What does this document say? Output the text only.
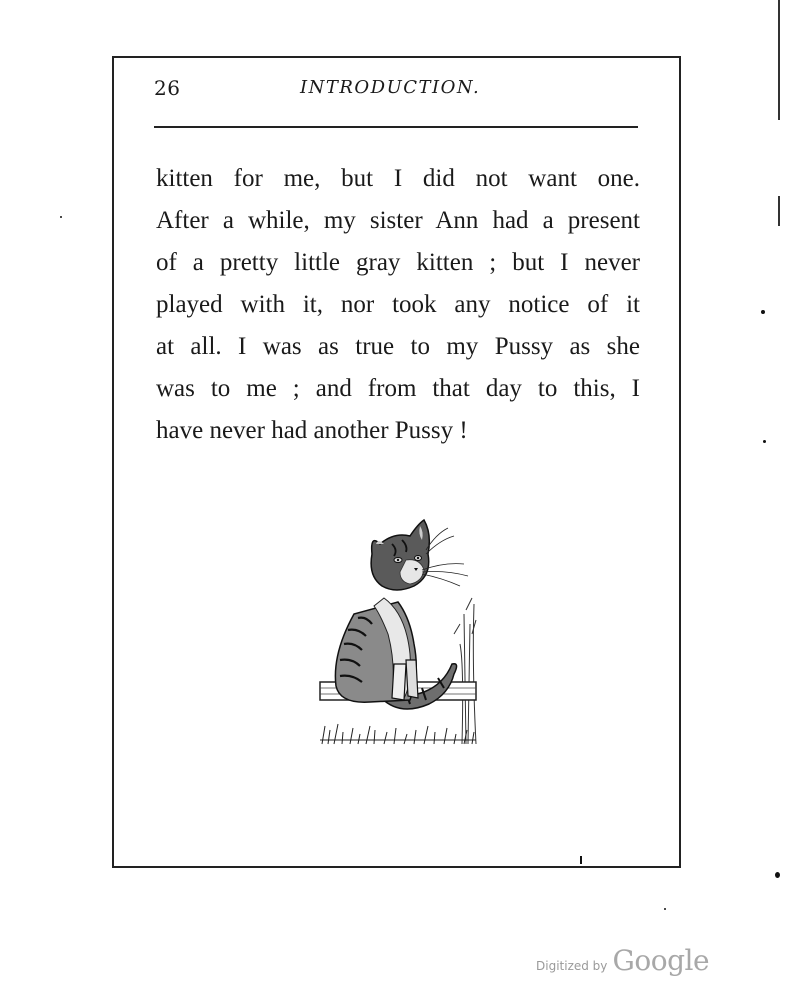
26	INTRODUCTION.
kitten for me, but I did not want one.
After a while, my sister Ann had a present
of a pretty little gray kitten ; but I never
played with it, nor took any notice of it
at all. I was as true to my Pussy as she
was to me ; and from that day to this, I
have never had another Pussy !
Digitized by Google
